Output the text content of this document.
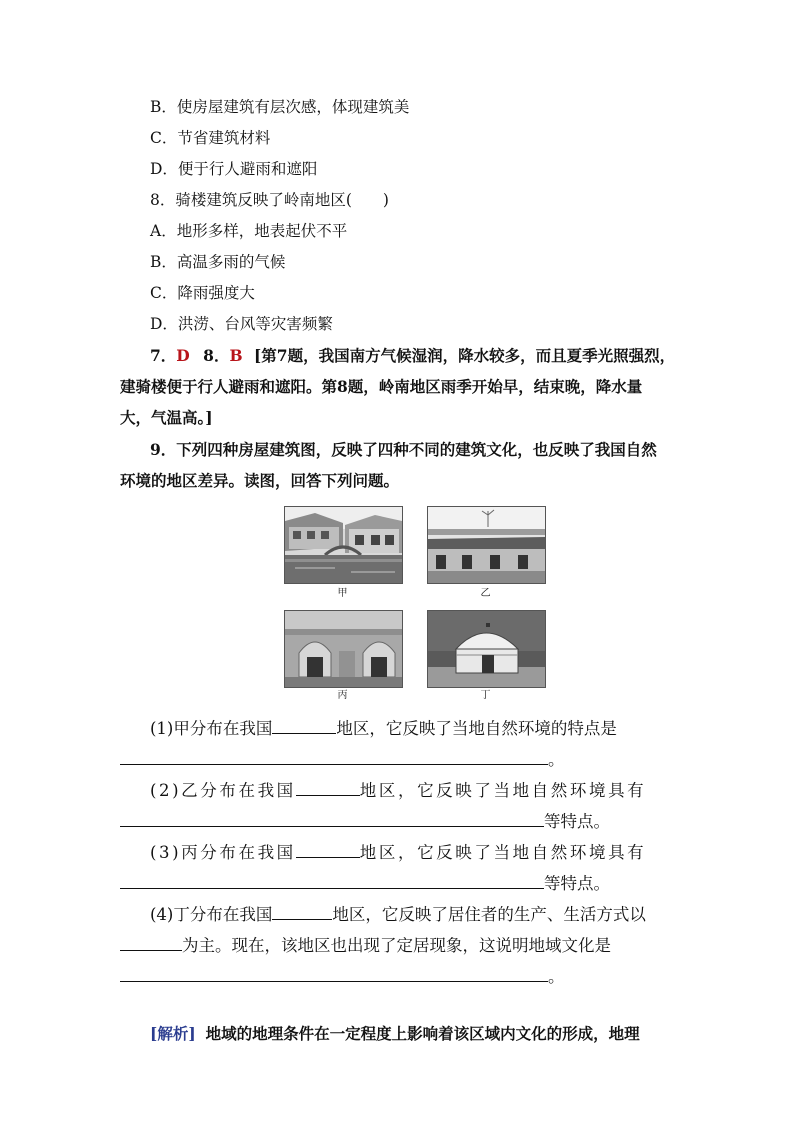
B．使房屋建筑有层次感，体现建筑美
C．节省建筑材料
D．便于行人避雨和遮阳
8．骑楼建筑反映了岭南地区(　　)
A．地形多样，地表起伏不平
B．高温多雨的气候
C．降雨强度大
D．洪涝、台风等灾害频繁
7．D 8．B [第7题，我国南方气候湿润，降水较多，而且夏季光照强烈，
建骑楼便于行人避雨和遮阳。第8题，岭南地区雨季开始早，结束晚，降水量
大，气温高。]
9．下列四种房屋建筑图，反映了四种不同的建筑文化，也反映了我国自然
环境的地区差异。读图，回答下列问题。
甲	乙
丙	丁
(1)甲分布在我国	地区，它反映了当地自然环境的特点是
。
(2)乙分布在我国	地区，它反映了当地自然环境具有
等特点。
(3)丙分布在我国	地区，它反映了当地自然环境具有
等特点。
(4)丁分布在我国	地区，它反映了居住者的生产、生活方式以
为主。现在，该地区也出现了定居现象，这说明地域文化是
。
[解析] 地域的地理条件在一定程度上影响着该区域内文化的形成，地理
